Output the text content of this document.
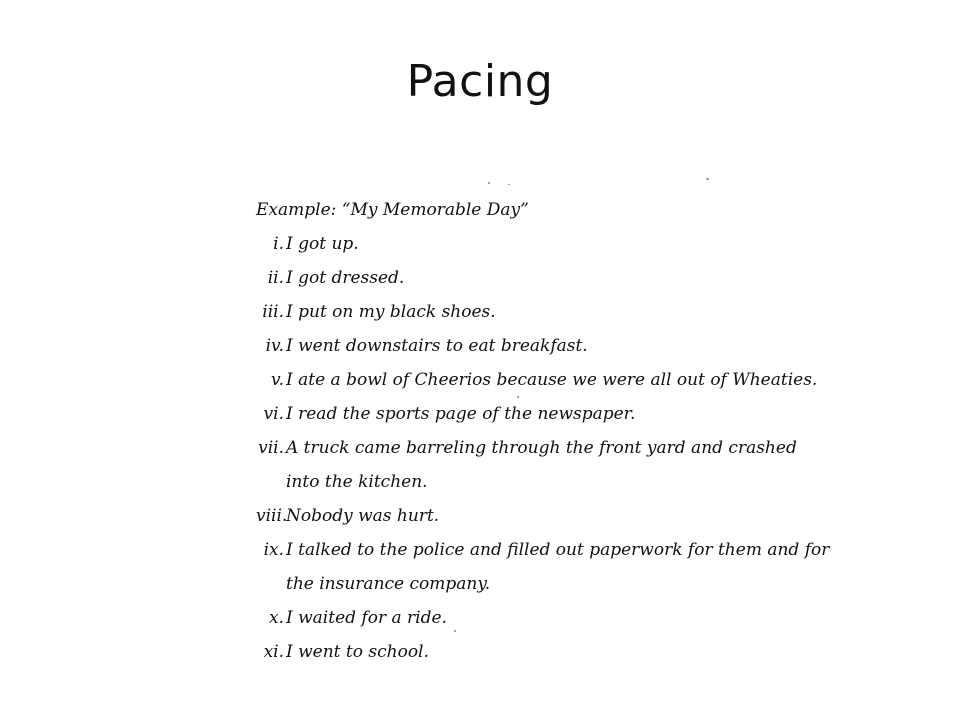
Pacing
Example: “My Memorable Day”
i. I got up.
ii. I got dressed.
iii. I put on my black shoes.
iv. I went downstairs to eat breakfast.
v. I ate a bowl of Cheerios because we were all out of Wheaties.
vi. I read the sports page of the newspaper.
vii. A truck came barreling through the front yard and crashed
into the kitchen.
viii.
Nobody was hurt.
ix. I talked to the police and filled out paperwork for them and for
the insurance company.
x. I waited for a ride.
xi. I went to school.
